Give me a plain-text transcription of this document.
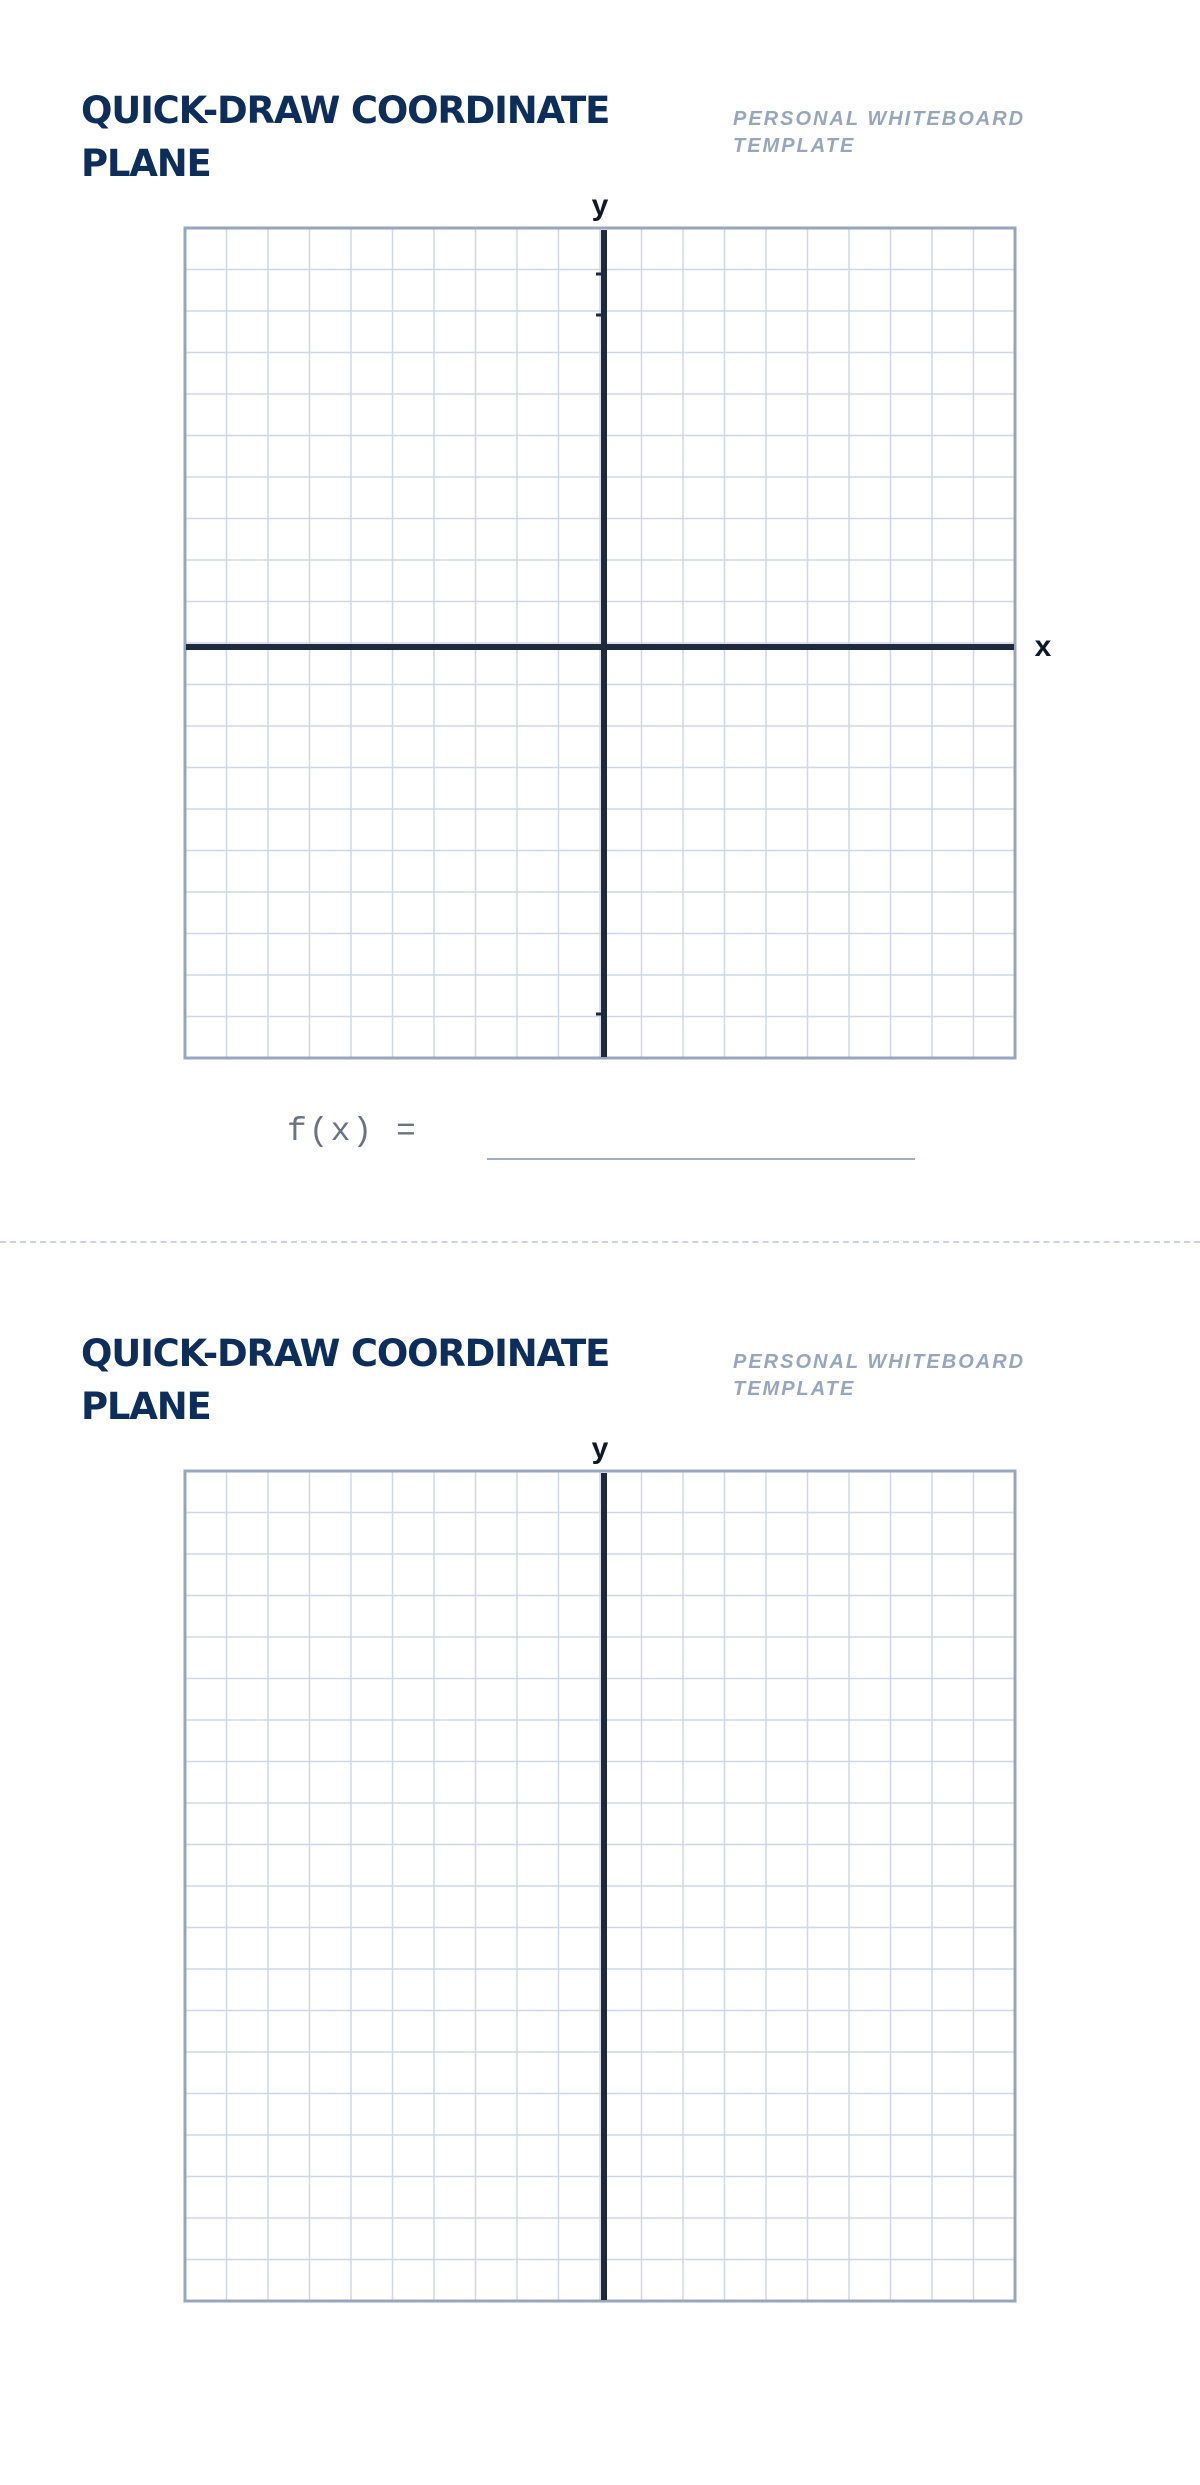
QUICK-DRAW COORDINATE PLANE

PERSONAL WHITEBOARD TEMPLATE

y
x
f(x) =
QUICK-DRAW COORDINATE PLANE

PERSONAL WHITEBOARD TEMPLATE

y
